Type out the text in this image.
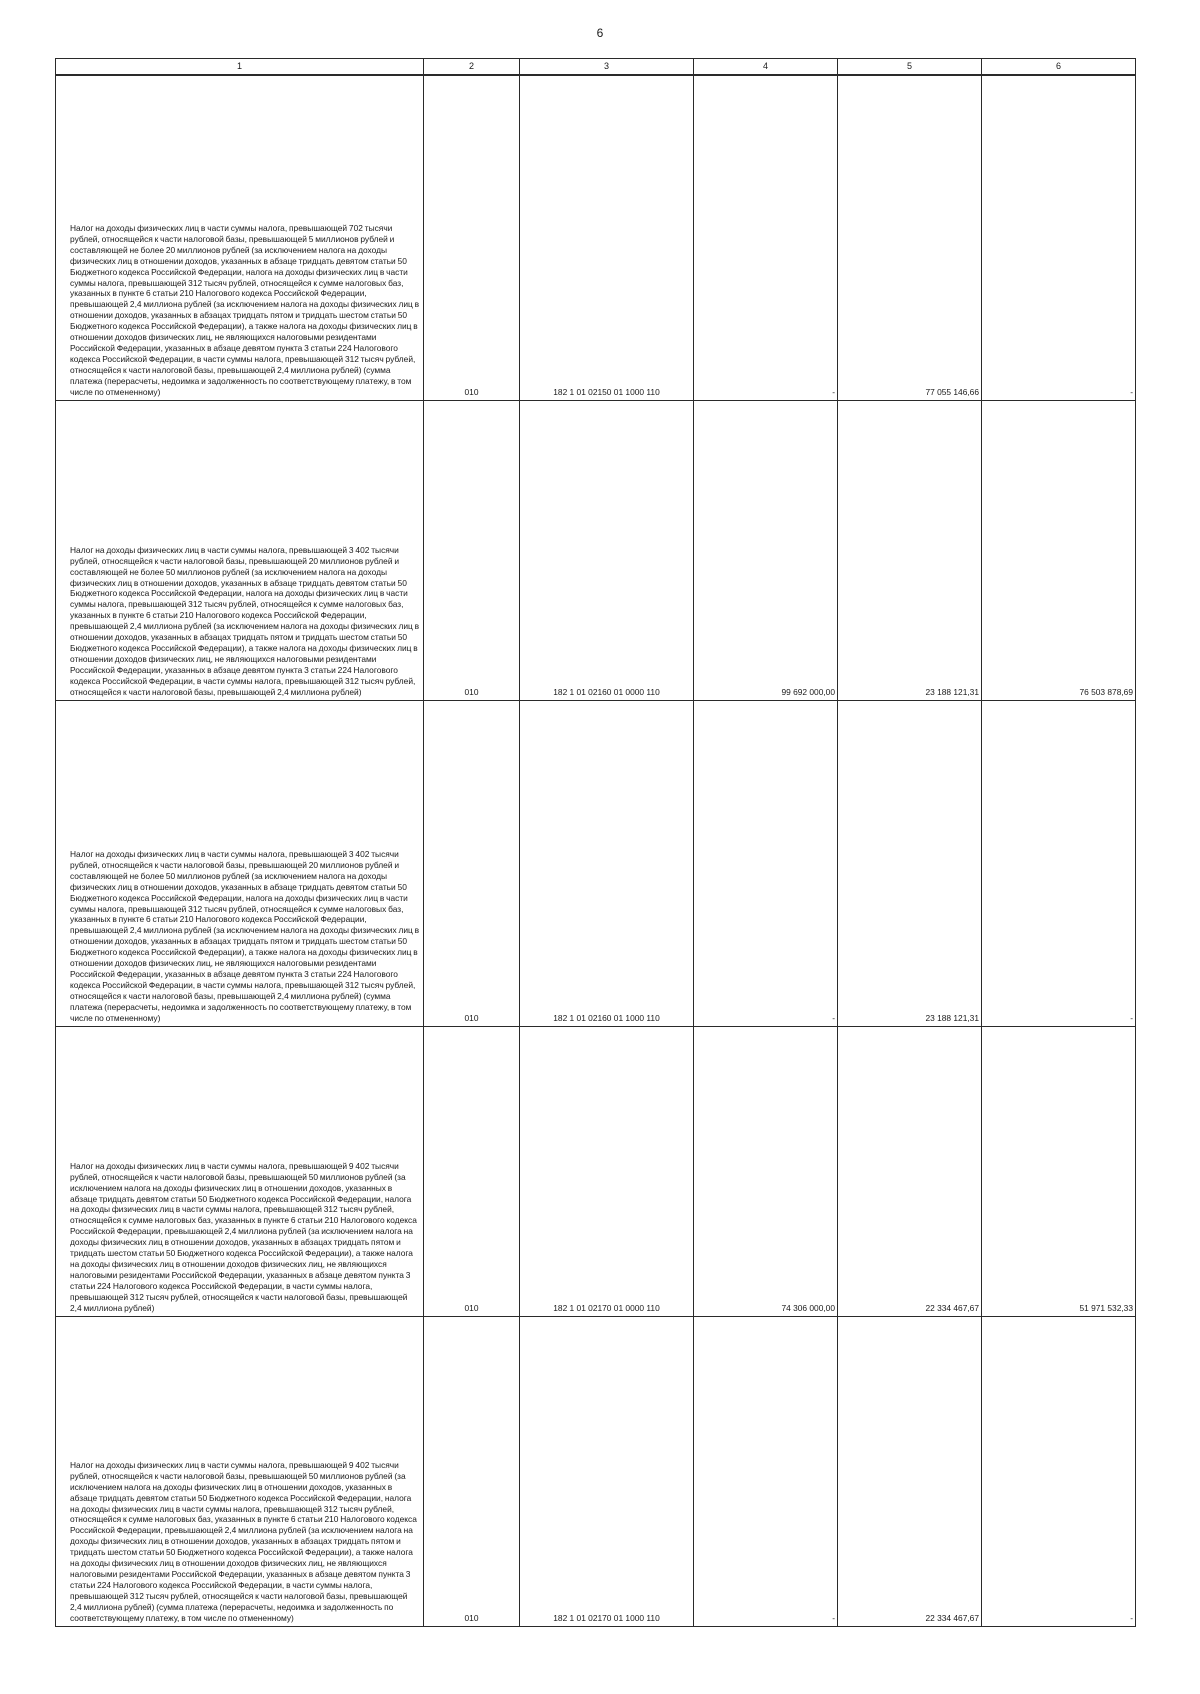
6
1	2	3	4	5	6
Налог на доходы физических лиц в части суммы налога, превышающей 702 тысячи рублей, относящейся к части налоговой базы, превышающей 5 миллионов рублей и составляющей не более 20 миллионов рублей (за исключением налога на доходы физических лиц в отношении доходов, указанных в абзаце тридцать девятом статьи 50 Бюджетного кодекса Российской Федерации, налога на доходы физических лиц в части суммы налога, превышающей 312 тысяч рублей, относящейся к сумме налоговых баз, указанных в пункте 6 статьи 210 Налогового кодекса Российской Федерации, превышающей 2,4 миллиона рублей (за исключением налога на доходы физических лиц в отношении доходов, указанных в абзацах тридцать пятом и тридцать шестом статьи 50 Бюджетного кодекса Российской Федерации), а также налога на доходы физических лиц в отношении доходов физических лиц, не являющихся налоговыми резидентами Российской Федерации, указанных в абзаце девятом пункта 3 статьи 224 Налогового кодекса Российской Федерации, в части суммы налога, превышающей 312 тысяч рублей, относящейся к части налоговой базы, превышающей 2,4 миллиона рублей) (сумма платежа (перерасчеты, недоимка и задолженность по соответствующему платежу, в том числе по отмененному)	010	182 1 01 02150 01 1000 110	-	77 055 146,66	-
Налог на доходы физических лиц в части суммы налога, превышающей 3 402 тысячи рублей, относящейся к части налоговой базы, превышающей 20 миллионов рублей и составляющей не более 50 миллионов рублей (за исключением налога на доходы физических лиц в отношении доходов, указанных в абзаце тридцать девятом статьи 50 Бюджетного кодекса Российской Федерации, налога на доходы физических лиц в части суммы налога, превышающей 312 тысяч рублей, относящейся к сумме налоговых баз, указанных в пункте 6 статьи 210 Налогового кодекса Российской Федерации, превышающей 2,4 миллиона рублей (за исключением налога на доходы физических лиц в отношении доходов, указанных в абзацах тридцать пятом и тридцать шестом статьи 50 Бюджетного кодекса Российской Федерации), а также налога на доходы физических лиц в отношении доходов физических лиц, не являющихся налоговыми резидентами Российской Федерации, указанных в абзаце девятом пункта 3 статьи 224 Налогового кодекса Российской Федерации, в части суммы налога, превышающей 312 тысяч рублей, относящейся к части налоговой базы, превышающей 2,4 миллиона рублей)	010	182 1 01 02160 01 0000 110	99 692 000,00	23 188 121,31	76 503 878,69
Налог на доходы физических лиц в части суммы налога, превышающей 3 402 тысячи рублей, относящейся к части налоговой базы, превышающей 20 миллионов рублей и составляющей не более 50 миллионов рублей (за исключением налога на доходы физических лиц в отношении доходов, указанных в абзаце тридцать девятом статьи 50 Бюджетного кодекса Российской Федерации, налога на доходы физических лиц в части суммы налога, превышающей 312 тысяч рублей, относящейся к сумме налоговых баз, указанных в пункте 6 статьи 210 Налогового кодекса Российской Федерации, превышающей 2,4 миллиона рублей (за исключением налога на доходы физических лиц в отношении доходов, указанных в абзацах тридцать пятом и тридцать шестом статьи 50 Бюджетного кодекса Российской Федерации), а также налога на доходы физических лиц в отношении доходов физических лиц, не являющихся налоговыми резидентами Российской Федерации, указанных в абзаце девятом пункта 3 статьи 224 Налогового кодекса Российской Федерации, в части суммы налога, превышающей 312 тысяч рублей, относящейся к части налоговой базы, превышающей 2,4 миллиона рублей) (сумма платежа (перерасчеты, недоимка и задолженность по соответствующему платежу, в том числе по отмененному)	010	182 1 01 02160 01 1000 110	-	23 188 121,31	-
Налог на доходы физических лиц в части суммы налога, превышающей 9 402 тысячи рублей, относящейся к части налоговой базы, превышающей 50 миллионов рублей (за исключением налога на доходы физических лиц в отношении доходов, указанных в абзаце тридцать девятом статьи 50 Бюджетного кодекса Российской Федерации, налога на доходы физических лиц в части суммы налога, превышающей 312 тысяч рублей, относящейся к сумме налоговых баз, указанных в пункте 6 статьи 210 Налогового кодекса Российской Федерации, превышающей 2,4 миллиона рублей (за исключением налога на доходы физических лиц в отношении доходов, указанных в абзацах тридцать пятом и тридцать шестом статьи 50 Бюджетного кодекса Российской Федерации), а также налога на доходы физических лиц в отношении доходов физических лиц, не являющихся налоговыми резидентами Российской Федерации, указанных в абзаце девятом пункта 3 статьи 224 Налогового кодекса Российской Федерации, в части суммы налога, превышающей 312 тысяч рублей, относящейся к части налоговой базы, превышающей 2,4 миллиона рублей)	010	182 1 01 02170 01 0000 110	74 306 000,00	22 334 467,67	51 971 532,33
Налог на доходы физических лиц в части суммы налога, превышающей 9 402 тысячи рублей, относящейся к части налоговой базы, превышающей 50 миллионов рублей (за исключением налога на доходы физических лиц в отношении доходов, указанных в абзаце тридцать девятом статьи 50 Бюджетного кодекса Российской Федерации, налога на доходы физических лиц в части суммы налога, превышающей 312 тысяч рублей, относящейся к сумме налоговых баз, указанных в пункте 6 статьи 210 Налогового кодекса Российской Федерации, превышающей 2,4 миллиона рублей (за исключением налога на доходы физических лиц в отношении доходов, указанных в абзацах тридцать пятом и тридцать шестом статьи 50 Бюджетного кодекса Российской Федерации), а также налога на доходы физических лиц в отношении доходов физических лиц, не являющихся налоговыми резидентами Российской Федерации, указанных в абзаце девятом пункта 3 статьи 224 Налогового кодекса Российской Федерации, в части суммы налога, превышающей 312 тысяч рублей, относящейся к части налоговой базы, превышающей 2,4 миллиона рублей) (сумма платежа (перерасчеты, недоимка и задолженность по соответствующему платежу, в том числе по отмененному)	010	182 1 01 02170 01 1000 110	-	22 334 467,67	-
